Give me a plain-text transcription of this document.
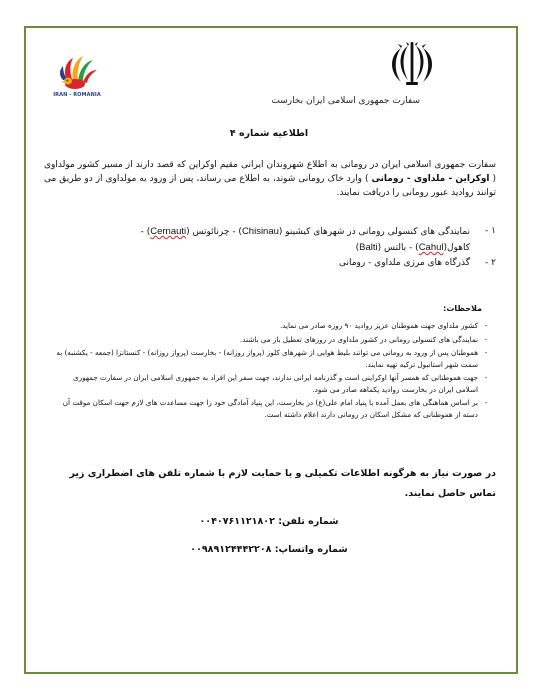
IRAN - ROMANIA
سفارت جمهوری اسلامی ایران بخارست
اطلاعیه شماره ۴
سفارت جمهوری اسلامی ایران در رومانی به اطلاع شهروندان ایرانی مقیم اوکراین که قصد دارند از مسیر کشور مولداوی ( اوکراین - ملداوی - رومانی ) وارد خاک رومانی شوند، به اطلاع می رساند، پس از ورود به مولداوی از دو طریق می توانند روادید عبور رومانی را دریافت نمایند.
۱ -
نمایندگی های کنسولی رومانی در شهرهای کیشینو (Chisinau) - چرنائوتس (Cernauti) -
کاهول(Cahul) - بالتس (Balti)
۲ -
گذرگاه های مرزی ملداوی - رومانی
ملاحظات:
-
کشور ملداوی جهت هموطنان عزیز روادید ۹۰ روزه صادر می نماید.
-
نمایندگی های کنسولی رومانی در کشور ملداوی در روزهای تعطیل باز می باشند.
-
هموطنان پس از ورود به رومانی می توانند بلیط هوایی از شهرهای کلوز (پرواز روزانه) - بخارست (پرواز روزانه) - کنستانزا (جمعه - یکشنبه) به سمت شهر استانبول ترکیه تهیه نمایند.
-
جهت هموطنانی که همسر آنها اوکراینی است و گذرنامه ایرانی ندارند، جهت سفر این افراد به جمهوری اسلامی ایران در سفارت جمهوری اسلامی ایران در بخارست روادید یکماهه صادر می شود.
-
بر اساس هماهنگی های بعمل آمده با پنیاد امام علی(ع) در بخارست، این پنیاد آمادگی خود را جهت مساعدت های لازم جهت اسکان موقت آن دسته از هموطنانی که مشکل اسکان در رومانی دارند اعلام داشته است.
در صورت نیاز به هرگونه اطلاعات تکمیلی و یا حمایت لازم با شماره تلفن های اضطراری زیر تماس حاصل نمایند.
شماره تلفن: ۰۰۴۰۷۶۱۱۲۱۸۰۲
شماره واتساپ: ۰۰۹۸۹۱۲۴۴۴۲۲۰۸
